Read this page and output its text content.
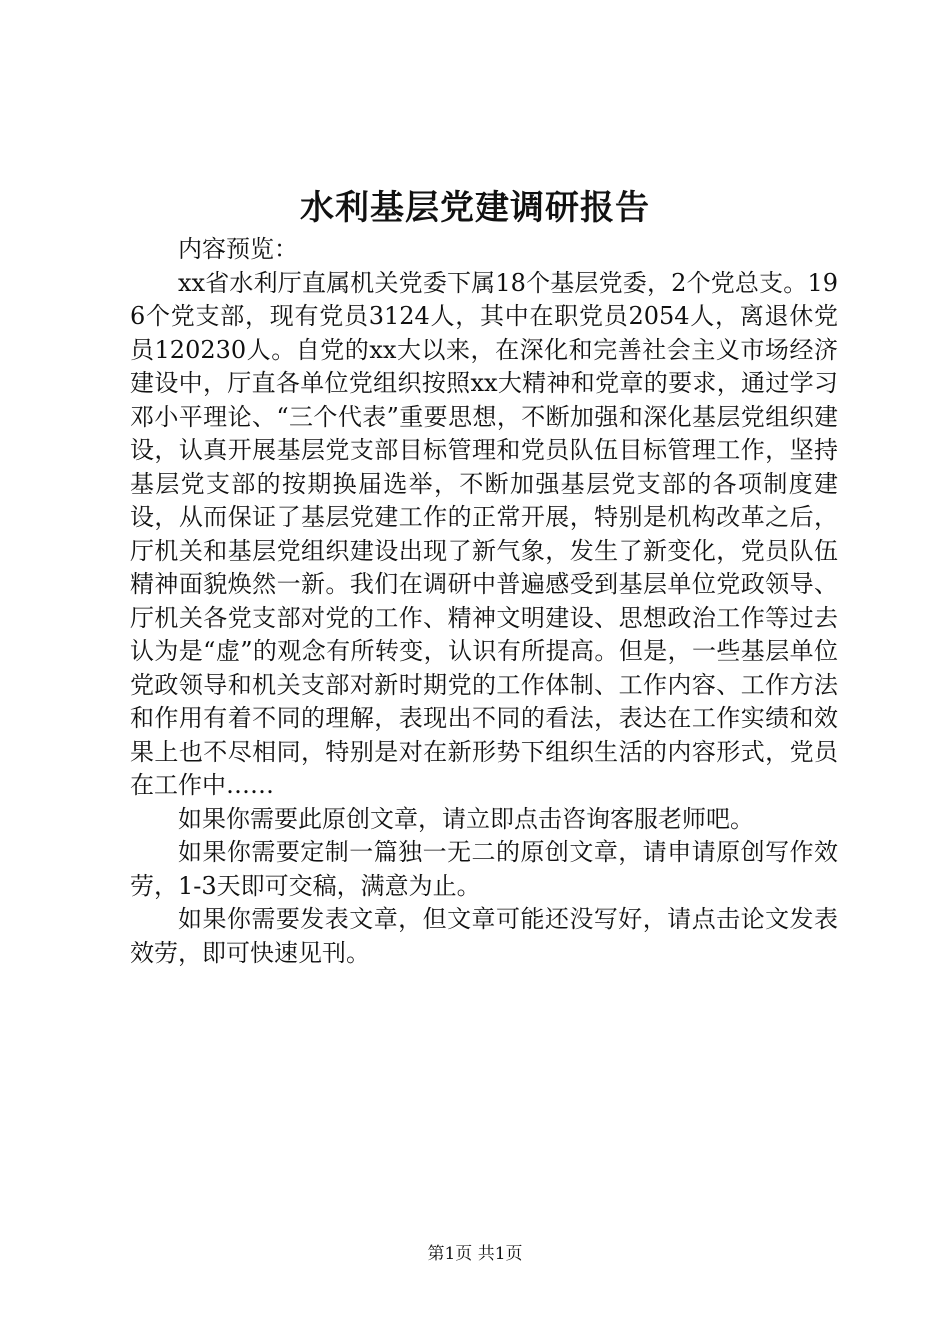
水利基层党建调研报告

内容预览：

xx省水利厅直属机关党委下属18个基层党委，2个党总支。196个党支部，现有党员3124人，其中在职党员2054人，离退休党员120230人。自党的xx大以来，在深化和完善社会主义市场经济建设中，厅直各单位党组织按照xx大精神和党章的要求，通过学习邓小平理论、“三个代表”重要思想，不断加强和深化基层党组织建设，认真开展基层党支部目标管理和党员队伍目标管理工作，坚持基层党支部的按期换届选举，不断加强基层党支部的各项制度建设，从而保证了基层党建工作的正常开展，特别是机构改革之后，厅机关和基层党组织建设出现了新气象，发生了新变化，党员队伍精神面貌焕然一新。我们在调研中普遍感受到基层单位党政领导、厅机关各党支部对党的工作、精神文明建设、思想政治工作等过去认为是“虚”的观念有所转变，认识有所提高。但是，一些基层单位党政领导和机关支部对新时期党的工作体制、工作内容、工作方法和作用有着不同的理解，表现出不同的看法，表达在工作实绩和效果上也不尽相同，特别是对在新形势下组织生活的内容形式，党员在工作中……

如果你需要此原创文章，请立即点击咨询客服老师吧。

如果你需要定制一篇独一无二的原创文章，请申请原创写作效劳，1-3天即可交稿，满意为止。

如果你需要发表文章，但文章可能还没写好，请点击论文发表效劳，即可快速见刊。

第1页 共1页
